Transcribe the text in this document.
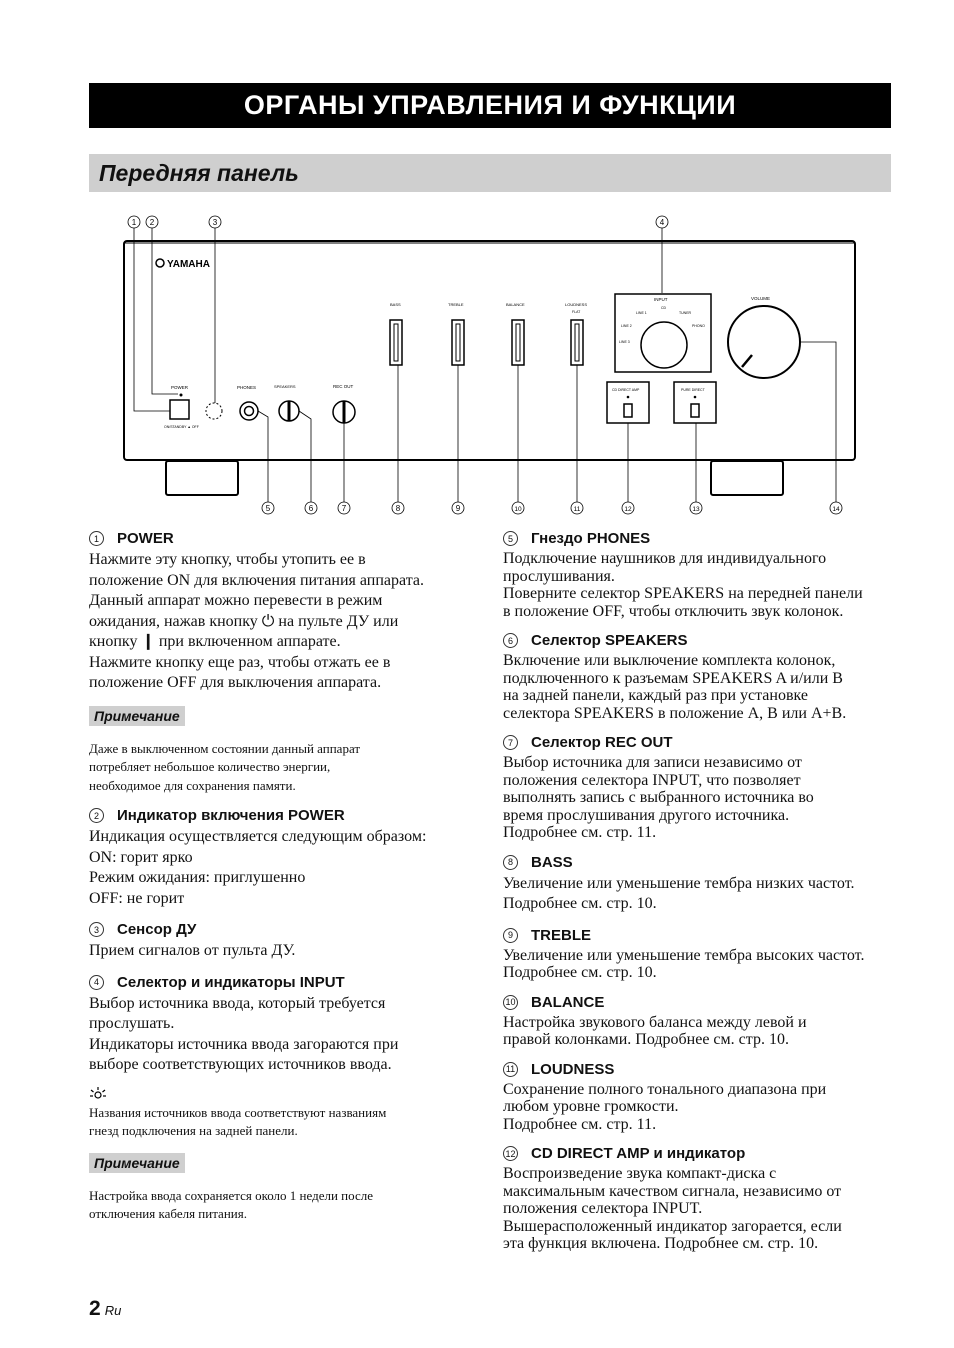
ОРГАНЫ УПРАВЛЕНИЯ И ФУНКЦИИ
Передняя панель
YAMAHA
POWER
ON/STANDBY ▲ OFF
PHONES	SPEAKERS	REC OUT
BASS	TREBLE	BALANCE	LOUDNESS
FLAT
INPUT
LINE 1
CD
TUNER
LINE 2	PHONO
LINE 3
CD DIRECT AMP	PURE DIRECT
VOLUME
1 2	3	4
5	6	7	8	9	10	11	12	13	14
1	POWER

Нажмите эту кнопку, чтобы утопить ее в

положение ON для включения питания аппарата.

Данный аппарат можно перевести в режим

ожидания, нажав кнопку ⏻ на пульте ДУ или

кнопку ❙ при включенном аппарате.

Нажмите кнопку еще раз, чтобы отжать ее в

положение OFF для выключения аппарата.

Примечание

Даже в выключенном состоянии данный аппарат

потребляет небольшое количество энергии,

необходимое для сохранения памяти.

2	Индикатор включения POWER

Индикация осуществляется следующим образом:

ON: горит ярко

Режим ожидания: приглушенно

OFF: не горит

3	Сенсор ДУ

Прием сигналов от пульта ДУ.

4	Селектор и индикаторы INPUT

Выбор источника ввода, который требуется

прослушать.

Индикаторы источника ввода загораются при

выборе соответствующих источников ввода.

Названия источников ввода соответствуют названиям

гнезд подключения на задней панели.

Примечание

Настройка ввода сохраняется около 1 недели после

отключения кабеля питания.

5	Гнездо PHONES

Подключение наушников для индивидуального

прослушивания.

Поверните селектор SPEAKERS на передней панели

в положение OFF, чтобы отключить звук колонок.

6	Селектор SPEAKERS

Включение или выключение комплекта колонок,

подключенного к разъемам SPEAKERS A и/или B

на задней панели, каждый раз при установке

селектора SPEAKERS в положение A, B или A+B.

7	Селектор REC OUT

Выбор источника для записи независимо от

положения селектора INPUT, что позволяет

выполнять запись с выбранного источника во

время прослушивания другого источника.

Подробнее см. стр. 11.

8	BASS

Увеличение или уменьшение тембра низких частот.

Подробнее см. стр. 10.

9	TREBLE

Увеличение или уменьшение тембра высоких частот.

Подробнее см. стр. 10.

10 BALANCE

Настройка звукового баланса между левой и

правой колонками. Подробнее см. стр. 10.

11 LOUDNESS

Сохранение полного тонального диапазона при

любом уровне громкости.

Подробнее см. стр. 11.

12 CD DIRECT AMP и индикатор

Воспроизведение звука компакт-диска с

максимальным качеством сигнала, независимо от

положения селектора INPUT.

Вышерасположенный индикатор загорается, если

эта функция включена. Подробнее см. стр. 10.

2 Ru
